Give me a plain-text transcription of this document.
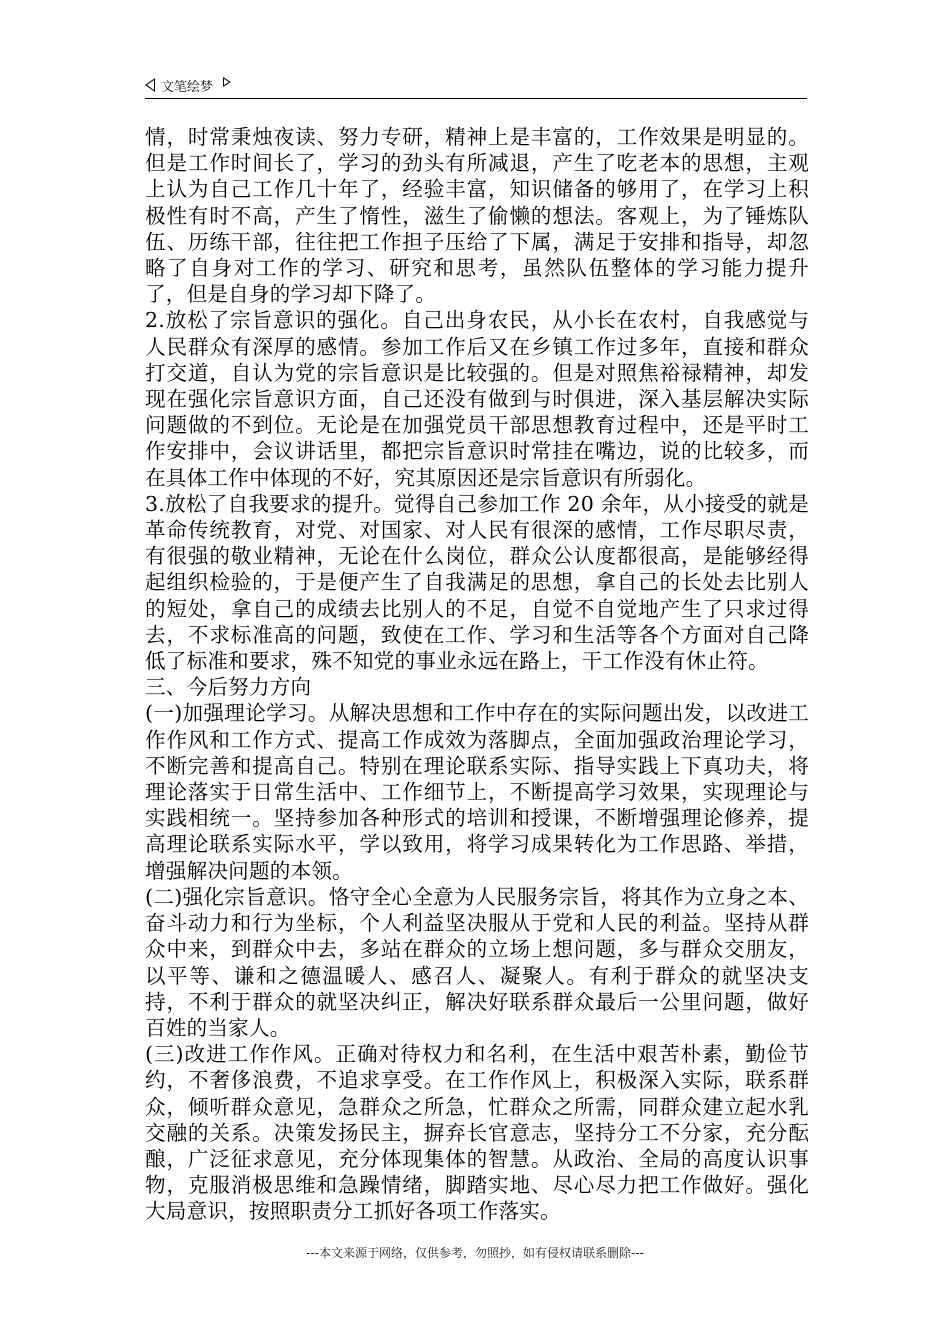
文笔绘梦

情，时常秉烛夜读、努力专研，精神上是丰富的，工作效果是明显的。但是工作时间长了，学习的劲头有所减退，产生了吃老本的思想，主观上认为自己工作几十年了，经验丰富，知识储备的够用了，在学习上积极性有时不高，产生了惰性，滋生了偷懒的想法。客观上，为了锤炼队伍、历练干部，往往把工作担子压给了下属，满足于安排和指导，却忽略了自身对工作的学习、研究和思考，虽然队伍整体的学习能力提升了，但是自身的学习却下降了。

2.放松了宗旨意识的强化。自己出身农民，从小长在农村，自我感觉与人民群众有深厚的感情。参加工作后又在乡镇工作过多年，直接和群众打交道，自认为党的宗旨意识是比较强的。但是对照焦裕禄精神，却发现在强化宗旨意识方面，自己还没有做到与时俱进，深入基层解决实际问题做的不到位。无论是在加强党员干部思想教育过程中，还是平时工作安排中，会议讲话里，都把宗旨意识时常挂在嘴边，说的比较多，而在具体工作中体现的不好，究其原因还是宗旨意识有所弱化。

3.放松了自我要求的提升。觉得自己参加工作 20 余年，从小接受的就是革命传统教育，对党、对国家、对人民有很深的感情，工作尽职尽责，有很强的敬业精神，无论在什么岗位，群众公认度都很高，是能够经得起组织检验的，于是便产生了自我满足的思想，拿自己的长处去比别人的短处，拿自己的成绩去比别人的不足，自觉不自觉地产生了只求过得去，不求标准高的问题，致使在工作、学习和生活等各个方面对自己降低了标准和要求，殊不知党的事业永远在路上，干工作没有休止符。

三、今后努力方向

(一)加强理论学习。从解决思想和工作中存在的实际问题出发，以改进工作作风和工作方式、提高工作成效为落脚点，全面加强政治理论学习，不断完善和提高自己。特别在理论联系实际、指导实践上下真功夫，将理论落实于日常生活中、工作细节上，不断提高学习效果，实现理论与实践相统一。坚持参加各种形式的培训和授课，不断增强理论修养，提高理论联系实际水平，学以致用，将学习成果转化为工作思路、举措，增强解决问题的本领。

(二)强化宗旨意识。恪守全心全意为人民服务宗旨，将其作为立身之本、奋斗动力和行为坐标，个人利益坚决服从于党和人民的利益。坚持从群众中来，到群众中去，多站在群众的立场上想问题，多与群众交朋友，以平等、谦和之德温暖人、感召人、凝聚人。有利于群众的就坚决支持，不利于群众的就坚决纠正，解决好联系群众最后一公里问题，做好百姓的当家人。

(三)改进工作作风。正确对待权力和名利，在生活中艰苦朴素，勤俭节约，不奢侈浪费，不追求享受。在工作作风上，积极深入实际，联系群众，倾听群众意见，急群众之所急，忙群众之所需，同群众建立起水乳交融的关系。决策发扬民主，摒弃长官意志，坚持分工不分家，充分酝酿，广泛征求意见，充分体现集体的智慧。从政治、全局的高度认识事物，克服消极思维和急躁情绪，脚踏实地、尽心尽力把工作做好。强化大局意识，按照职责分工抓好各项工作落实。

---本文来源于网络，仅供参考，勿照抄，如有侵权请联系删除---
